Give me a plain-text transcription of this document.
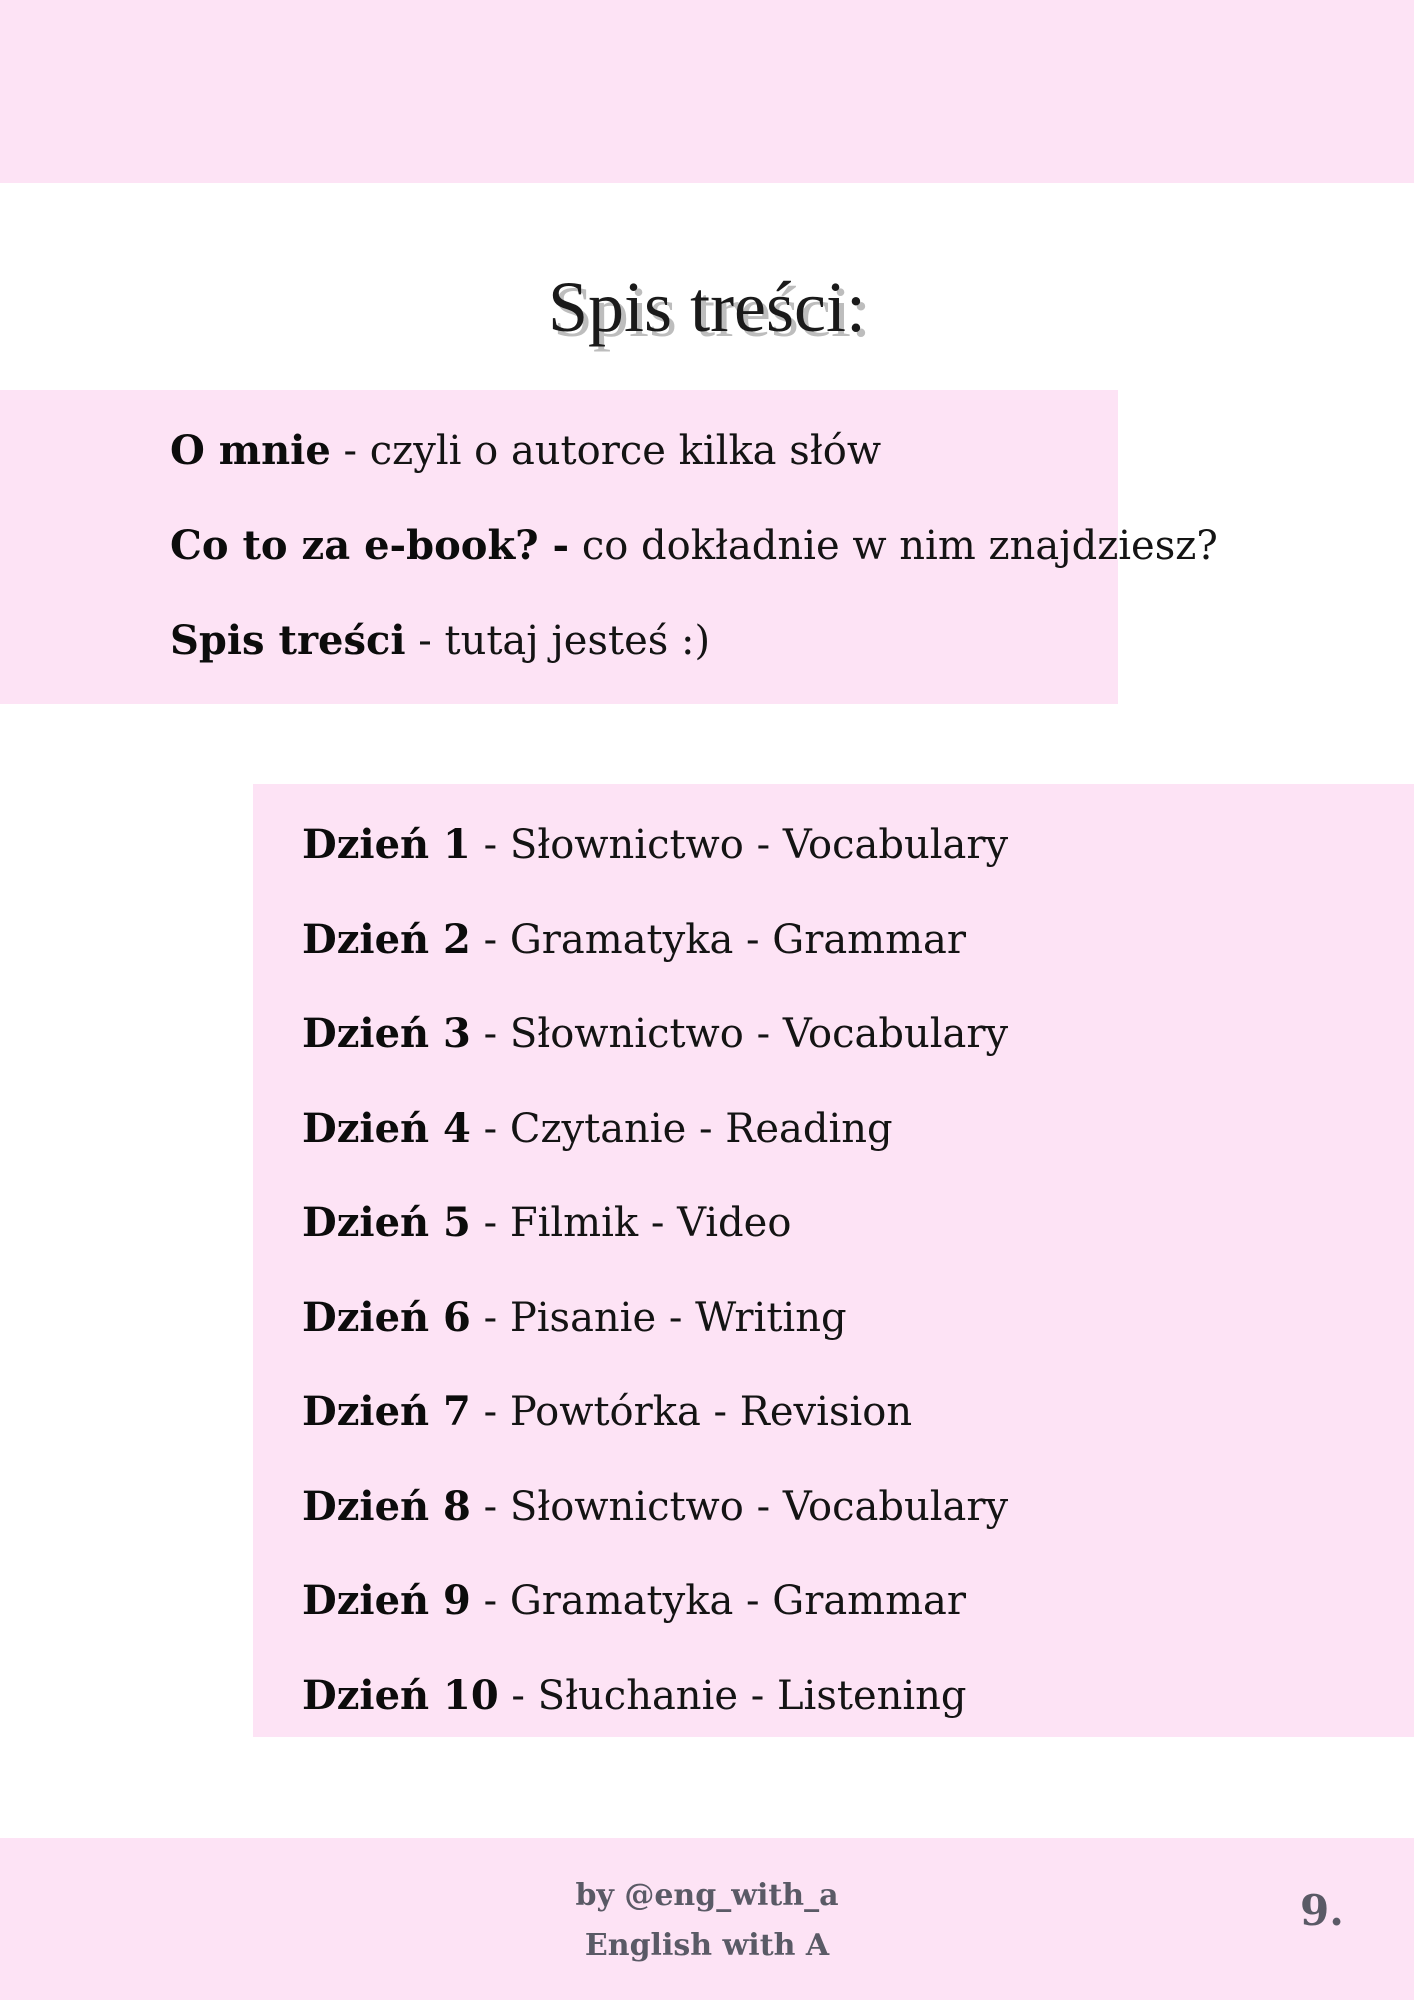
Spis treści:
O mnie - czyli o autorce kilka słów
Co to za e-book? - co dokładnie w nim znajdziesz?
Spis treści - tutaj jesteś :)
Dzień 1 - Słownictwo - Vocabulary
Dzień 2 - Gramatyka - Grammar
Dzień 3 - Słownictwo - Vocabulary
Dzień 4 - Czytanie - Reading
Dzień 5 - Filmik - Video
Dzień 6 - Pisanie - Writing
Dzień 7 - Powtórka - Revision
Dzień 8 - Słownictwo - Vocabulary
Dzień 9 - Gramatyka - Grammar
Dzień 10 - Słuchanie - Listening
by @eng_with_a
English with A
9.
